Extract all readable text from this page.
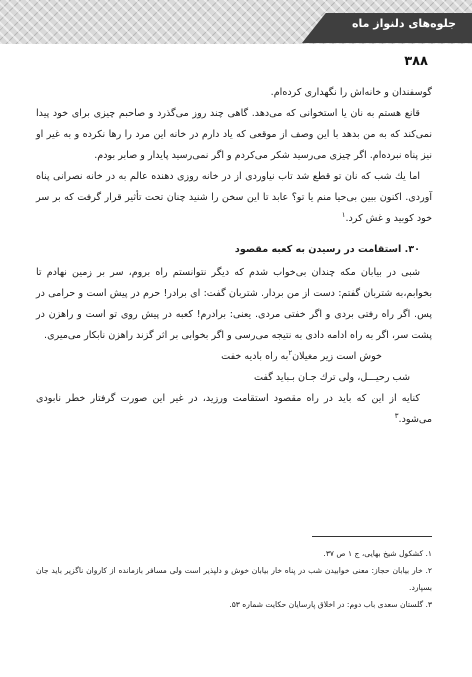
جلوه‌های دلنواز ماه
۳۸۸

گوسفندان و خانه‌اش را نگهداری کرده‌ام.

قانع هستم به نان یا استخوانی که می‌دهد. گاهی چند روز می‌گذرد و صاحبم چیزی برای خود پیدا نمی‌کند که به من بدهد با این وصف از موقعی که یاد دارم در خانه این مرد را رها نکرده و به غیر او نیز پناه نبرده‌ام. اگر چیزی می‌رسید شکر می‌کردم و اگر نمی‌رسید پایدار و صابر بودم.

اما یك شب که نان تو قطع شد تاب نیاوردی از در خانه روزی دهنده عالم به در خانه نصرانی پناه آوردی. اکنون ببین بی‌حیا منم یا تو؟ عابد تا این سخن را شنید چنان تحت تأثیر قرار گرفت که بر سر خود کوبید و غش کرد.$^۱$

۳۰. استقامت در رسیدن به کعبه مقصود

شبی در بیابان مکه چندان بی‌خواب شدم که دیگر نتوانستم راه بروم، سر بر زمین نهادم تا بخوابم،به شتربان گفتم: دست از من بردار. شتربان گفت: ای برادر! حرم در پیش است و حرامی در پس. اگر راه رفتی بردی و اگر خفتی مردی. یعنی: برادرم! کعبه در پیش روی تو است و راهزن در پشت سر، اگر به راه ادامه دادی به نتیجه می‌رسی و اگر بخوابی بر اثر گزند راهزن نابکار می‌میری.

خوش است زیر مغیلان$^۲$به راه بادیه خفت

شب رحیـــل، ولی ترك جـان بـباید گفت

کنایه از این که باید در راه مقصود استقامت ورزید، در غیر این صورت گرفتار خطر نابودی می‌شود.$^۳$

۱. کشکول شیخ بهایی، ج ۱ ص ۳۷.

۲. خار بیابان حجاز: معنی خوابیدن شب در پناه خار بیابان خوش و دلپذیر است ولی مسافر بازمانده از کاروان ناگزیر باید جان بسپارد.

۳. گلستان سعدی باب دوم: در اخلاق پارسایان حکایت شماره ۵۳.
